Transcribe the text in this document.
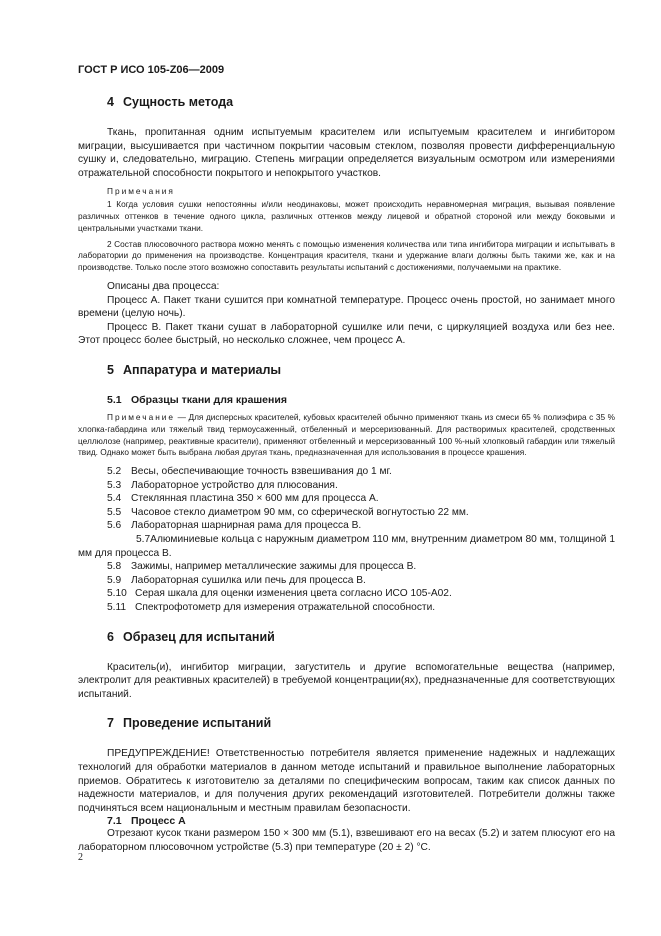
ГОСТ Р ИСО 105-Z06—2009
4 Сущность метода

Ткань, пропитанная одним испытуемым красителем или испытуемым красителем и ингибитором миграции, высушивается при частичном покрытии часовым стеклом, позволяя провести дифференциальную сушку и, следовательно, миграцию. Степень миграции определяется визуальным осмотром или измерениями отражательной способности покрытого и непокрытого участков.

Примечания

1 Когда условия сушки непостоянны и/или неодинаковы, может происходить неравномерная миграция, вызывая появление различных оттенков в течение одного цикла, различных оттенков между лицевой и обратной стороной или между боковыми и центральными участками ткани.

2 Состав плюсовочного раствора можно менять с помощью изменения количества или типа ингибитора миграции и испытывать в лаборатории до применения на производстве. Концентрация красителя, ткани и удержание влаги должны быть такими же, как и на производстве. Только после этого возможно сопоставить результаты испытаний с достижениями, получаемыми на практике.

Описаны два процесса:

Процесс А. Пакет ткани сушится при комнатной температуре. Процесс очень простой, но занимает много времени (целую ночь).

Процесс В. Пакет ткани сушат в лабораторной сушилке или печи, с циркуляцией воздуха или без нее. Этот процесс более быстрый, но несколько сложнее, чем процесс А.

5 Аппаратура и материалы
5.1 Образцы ткани для крашения

Примечание — Для дисперсных красителей, кубовых красителей обычно применяют ткань из смеси 65 % полиэфира с 35 % хлопка-габардина или тяжелый твид термоусаженный, отбеленный и мерсеризованный. Для растворимых красителей, сродственных целлюлозе (например, реактивные красители), применяют отбеленный и мерсеризованный 100 %-ный хлопковый габардин или тяжелый твид. Однако может быть выбрана любая другая ткань, предназначенная для использования в процессе крашения.

5.2 Весы, обеспечивающие точность взвешивания до 1 мг.

5.3 Лабораторное устройство для плюсования.

5.4 Стеклянная пластина 350 × 600 мм для процесса А.

5.5 Часовое стекло диаметром 90 мм, со сферической вогнутостью 22 мм.

5.6 Лабораторная шарнирная рама для процесса В.

5.7Алюминиевые кольца с наружным диаметром 110 мм, внутренним диаметром 80 мм, толщиной 1 мм для процесса В.

5.8 Зажимы, например металлические зажимы для процесса В.

5.9 Лабораторная сушилка или печь для процесса В.

5.10 Серая шкала для оценки изменения цвета согласно ИСО 105-А02.

5.11 Спектрофотометр для измерения отражательной способности.

6 Образец для испытаний

Краситель(и), ингибитор миграции, загуститель и другие вспомогательные вещества (например, электролит для реактивных красителей) в требуемой концентрации(ях), предназначенные для соответствующих испытаний.

7 Проведение испытаний

ПРЕДУПРЕЖДЕНИЕ! Ответственностью потребителя является применение надежных и надлежащих технологий для обработки материалов в данном методе испытаний и правильное выполнение лабораторных приемов. Обратитесь к изготовителю за деталями по специфическим вопросам, таким как список данных по надежности материалов, и для получения других рекомендаций изготовителей. Потребители должны также подчиняться всем национальным и местным правилам безопасности.

7.1 Процесс А

Отрезают кусок ткани размером 150 × 300 мм (5.1), взвешивают его на весах (5.2) и затем плюсуют его на лабораторном плюсовочном устройстве (5.3) при температуре (20 ± 2) °С.

2
